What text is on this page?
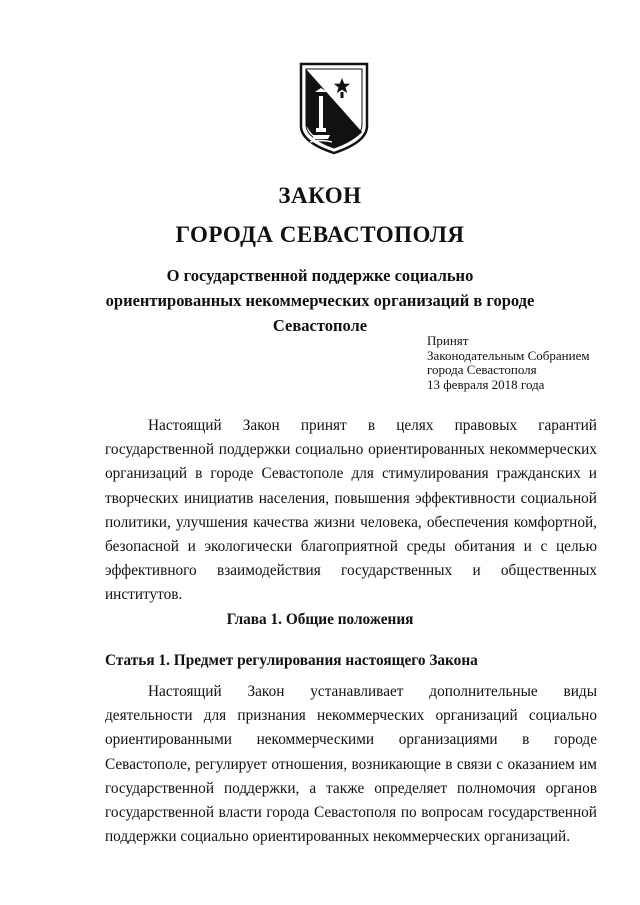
ЗАКОН
ГОРОДА СЕВАСТОПОЛЯ
О государственной поддержке социально ориентированных некоммерческих организаций в городе Севастополе
Принят
Законодательным Собранием
города Севастополя
13 февраля 2018 года

Настоящий Закон принят в целях правовых гарантий государственной поддержки социально ориентированных некоммерческих организаций в городе Севастополе для стимулирования гражданских и творческих инициатив населения, повышения эффективности социальной политики, улучшения качества жизни человека, обеспечения комфортной, безопасной и экологически благоприятной среды обитания и с целью эффективного взаимодействия государственных и общественных институтов.

Глава 1. Общие положения
Статья 1. Предмет регулирования настоящего Закона

Настоящий Закон устанавливает дополнительные виды деятельности для признания некоммерческих организаций социально ориентированными некоммерческими организациями в городе Севастополе, регулирует отношения, возникающие в связи с оказанием им государственной поддержки, а также определяет полномочия органов государственной власти города Севастополя по вопросам государственной поддержки социально ориентированных некоммерческих организаций.
